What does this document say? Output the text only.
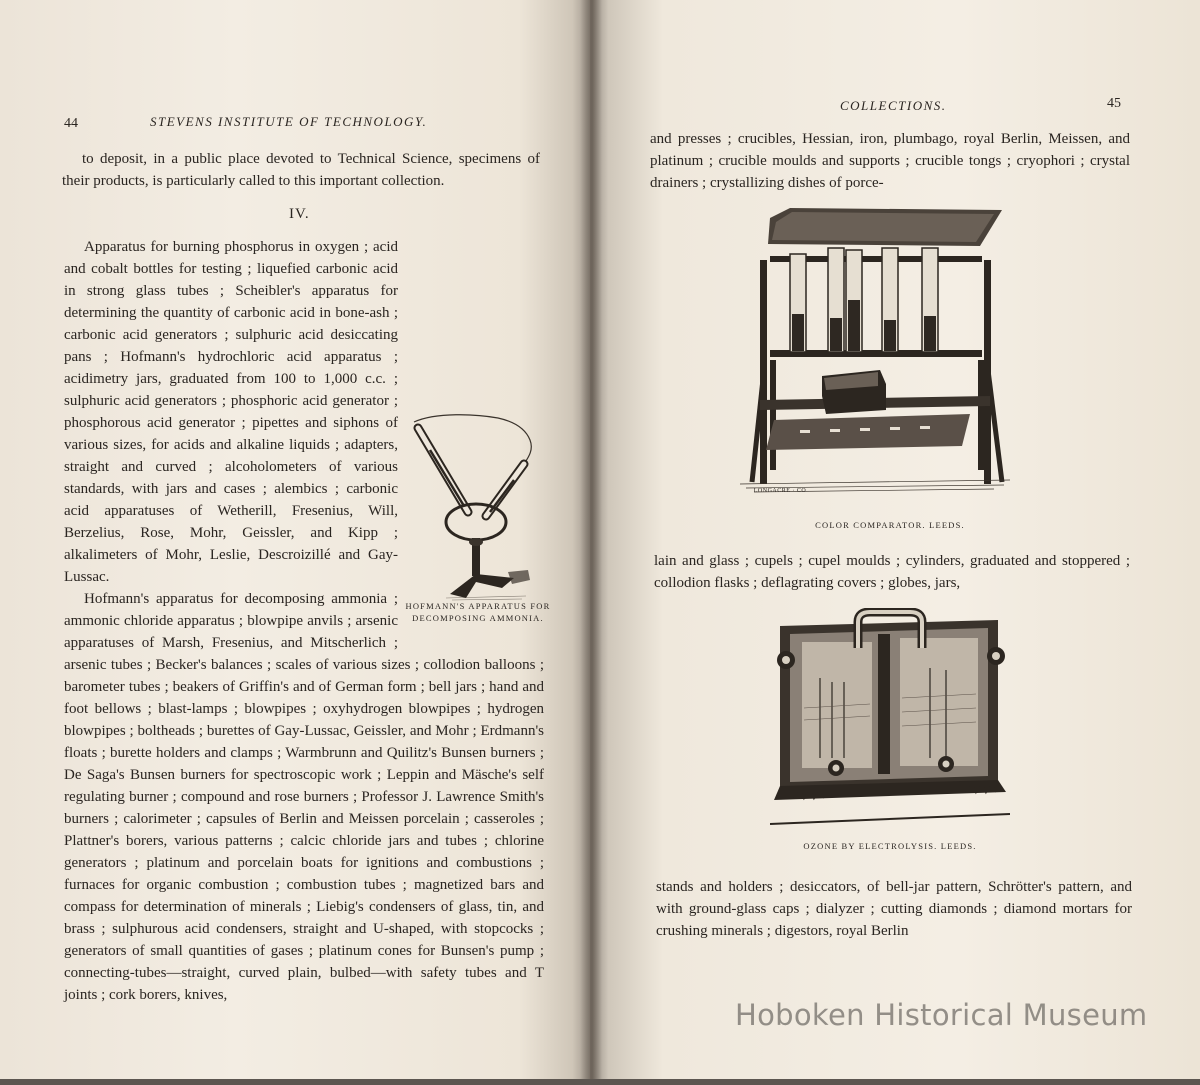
44	STEVENS INSTITUTE OF TECHNOLOGY.

to deposit, in a public place devoted to Technical Science, specimens of their products, is particularly called to this important collection.

IV.

Apparatus for burning phosphorus in oxygen ; acid and cobalt bottles for testing ; liquefied carbonic acid in strong glass tubes ; Scheibler's apparatus for determining the quantity of carbonic acid in bone-ash ; carbonic acid generators ; sulphuric acid desiccating pans ; Hofmann's hydrochloric acid apparatus ; acidimetry jars, graduated from 100 to 1,000 c.c. ; sulphuric acid generators ; phosphoric acid generator ; phosphorous acid generator ; pipettes and siphons of various sizes, for acids and alkaline liquids ; adapters, straight and curved ; alcoholometers of various standards, with jars and cases ; alembics ; carbonic acid apparatuses of Wetherill, Fresenius, Will, Berzelius, Rose, Mohr, Geissler, and Kipp ; alkalimeters of Mohr, Leslie, Descroizillé and Gay-Lussac.

Hofmann's apparatus for decomposing ammonia ; ammonic chloride apparatus ; blowpipe anvils ; arsenic apparatuses of Marsh, Fresenius, and Mitscherlich ; arsenic tubes ; Becker's balances ; scales of various sizes ; collodion balloons ; barometer tubes ; beakers of Griffin's and of German form ; bell jars ; hand and foot bellows ; blast-lamps ; blowpipes ; oxyhydrogen blowpipes ; hydrogen blowpipes ; boltheads ; burettes of Gay-Lussac, Geissler, and Mohr ; Erdmann's floats ; burette holders and clamps ; Warmbrunn and Quilitz's Bunsen burners ; De Saga's Bunsen burners for spectroscopic work ; Leppin and Mäsche's self regulating burner ; compound and rose burners ; Professor J. Lawrence Smith's burners ; calorimeter ; capsules of Berlin and Meissen porcelain ; casseroles ; Plattner's borers, various patterns ; calcic chloride jars and tubes ; chlorine generators ; platinum and porcelain boats for ignitions and combustions ; furnaces for organic combustion ; combustion tubes ; magnetized bars and compass for determination of minerals ; Liebig's condensers of glass, tin, and brass ; sulphurous acid condensers, straight and U-shaped, with stopcocks ; generators of small quantities of gases ; platinum cones for Bunsen's pump ; connecting-tubes—straight, curved plain, bulbed—with safety tubes and T joints ; cork borers, knives,

HOFMANN'S APPARATUS FOR
DECOMPOSING AMMONIA.
COLLECTIONS.	45

and presses ; crucibles, Hessian, iron, plumbago, royal Berlin, Meissen, and platinum ; crucible moulds and supports ; crucible tongs ; cryophori ; crystal drainers ; crystallizing dishes of porce-

LONGACRE · CO
COLOR COMPARATOR. LEEDS.

lain and glass ; cupels ; cupel moulds ; cylinders, graduated and stoppered ; collodion flasks ; deflagrating covers ; globes, jars,

OZONE BY ELECTROLYSIS. LEEDS.

stands and holders ; desiccators, of bell-jar pattern, Schrötter's pattern, and with ground-glass caps ; dialyzer ; cutting diamonds ; diamond mortars for crushing minerals ; digestors, royal Berlin

Hoboken Historical Museum
